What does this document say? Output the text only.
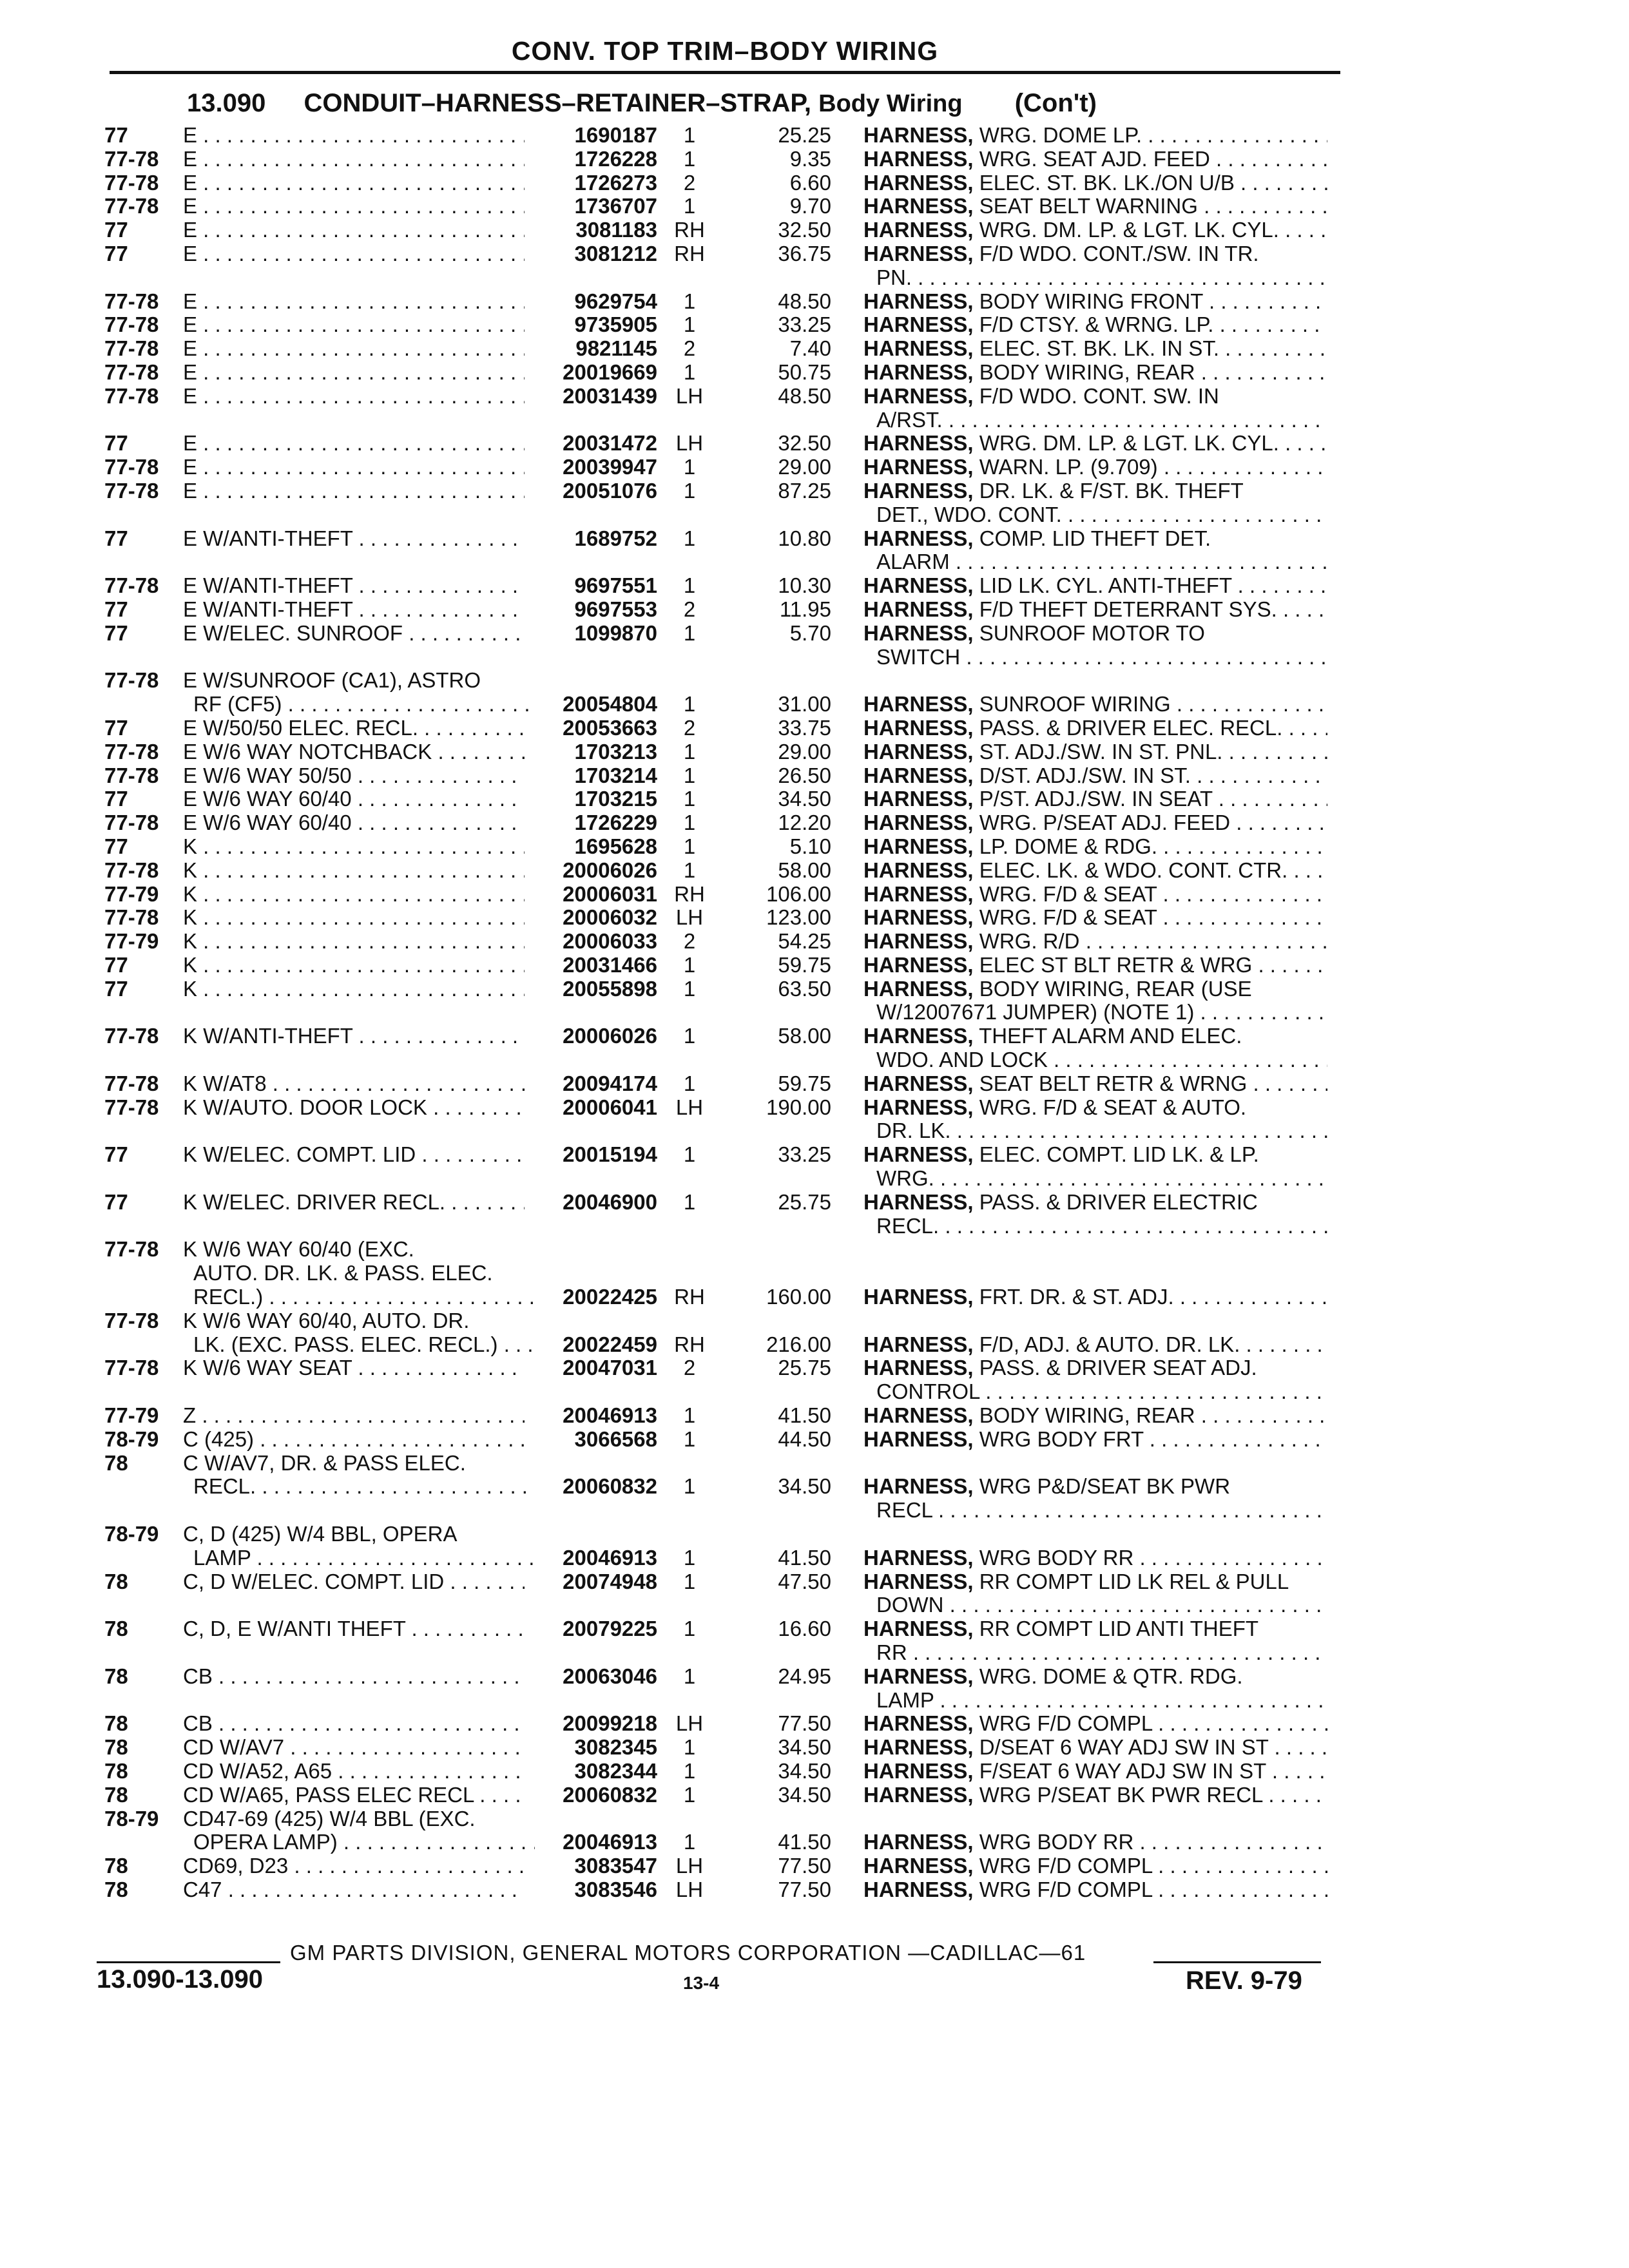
CONV. TOP TRIM–BODY WIRING
13.090 CONDUIT–HARNESS–RETAINER–STRAP, Body Wiring (Con't)
77	E . . .	1690187	1	25.25 HARNESS, WRG. DOME LP. . . .
77-78	E . . .	1726228	1	9.35 HARNESS, WRG. SEAT AJD. FEED . . .
77-78	E . . .	1726273	2	6.60 HARNESS, ELEC. ST. BK. LK./ON U/B . . .
77-78	E . . .	1736707	1	9.70 HARNESS, SEAT BELT WARNING . . .
77	E . . .	3081183 RH	32.50 HARNESS, WRG. DM. LP. & LGT. LK. CYL. . . .
77	E . . .	3081212 RH	36.75 HARNESS, F/D WDO. CONT./SW. IN TR.
PN. . . .
77-78	E . . .	9629754	1	48.50 HARNESS, BODY WIRING FRONT . . .
77-78	E . . .	9735905	1	33.25 HARNESS, F/D CTSY. & WRNG. LP. . . .
77-78	E . . .	9821145	2	7.40 HARNESS, ELEC. ST. BK. LK. IN ST. . . .
77-78	E . . .	20019669	1	50.75 HARNESS, BODY WIRING, REAR . . .
77-78	E . . .	20031439 LH	48.50 HARNESS, F/D WDO. CONT. SW. IN
A/RST. . . .
77	E . . .	20031472 LH	32.50 HARNESS, WRG. DM. LP. & LGT. LK. CYL. . . .
77-78	E . . .	20039947	1	29.00 HARNESS, WARN. LP. (9.709) . . .
77-78	E . . .	20051076	1	87.25 HARNESS, DR. LK. & F/ST. BK. THEFT
DET., WDO. CONT. . . .
77	E W/ANTI-THEFT . . .	1689752	1	10.80 HARNESS, COMP. LID THEFT DET.
ALARM . . .
77-78	E W/ANTI-THEFT . . .	9697551	1	10.30 HARNESS, LID LK. CYL. ANTI-THEFT . . .
77	E W/ANTI-THEFT . . .	9697553	2	11.95 HARNESS, F/D THEFT DETERRANT SYS. . . .
77	E W/ELEC. SUNROOF . . .	1099870	1	5.70 HARNESS, SUNROOF MOTOR TO
SWITCH . . .
77-78	E W/SUNROOF (CA1), ASTRO
RF (CF5) . . .	20054804	1	31.00 HARNESS, SUNROOF WIRING . . .
77	E W/50/50 ELEC. RECL. . . .	20053663	2	33.75 HARNESS, PASS. & DRIVER ELEC. RECL. . . .
77-78	E W/6 WAY NOTCHBACK . . .	1703213	1	29.00 HARNESS, ST. ADJ./SW. IN ST. PNL. . . .
77-78	E W/6 WAY 50/50 . . .	1703214	1	26.50 HARNESS, D/ST. ADJ./SW. IN ST. . . .
77	E W/6 WAY 60/40 . . .	1703215	1	34.50 HARNESS, P/ST. ADJ./SW. IN SEAT . . .
77-78	E W/6 WAY 60/40 . . .	1726229	1	12.20 HARNESS, WRG. P/SEAT ADJ. FEED . . .
77	K . . .	1695628	1	5.10 HARNESS, LP. DOME & RDG. . . .
77-78	K . . .	20006026	1	58.00 HARNESS, ELEC. LK. & WDO. CONT. CTR. . . .
77-79	K . . .	20006031 RH	106.00 HARNESS, WRG. F/D & SEAT . . .
77-78	K . . .	20006032 LH	123.00 HARNESS, WRG. F/D & SEAT . . .
77-79	K . . .	20006033	2	54.25 HARNESS, WRG. R/D . . .
77	K . . .	20031466	1	59.75 HARNESS, ELEC ST BLT RETR & WRG . . .
77	K . . .	20055898	1	63.50 HARNESS, BODY WIRING, REAR (USE
W/12007671 JUMPER) (NOTE 1) . . .
77-78	K W/ANTI-THEFT . . .	20006026	1	58.00 HARNESS, THEFT ALARM AND ELEC.
WDO. AND LOCK . . .
77-78	K W/AT8 . . .	20094174	1	59.75 HARNESS, SEAT BELT RETR & WRNG . . .
77-78	K W/AUTO. DOOR LOCK . . .	20006041 LH	190.00 HARNESS, WRG. F/D & SEAT & AUTO.
DR. LK. . . .
77	K W/ELEC. COMPT. LID . . .	20015194	1	33.25 HARNESS, ELEC. COMPT. LID LK. & LP.
WRG. . . .
77	K W/ELEC. DRIVER RECL. . . .	20046900	1	25.75 HARNESS, PASS. & DRIVER ELECTRIC
RECL. . . .
77-78	K W/6 WAY 60/40 (EXC.
AUTO. DR. LK. & PASS. ELEC.
RECL.) . . .	20022425 RH	160.00 HARNESS, FRT. DR. & ST. ADJ. . . .
77-78	K W/6 WAY 60/40, AUTO. DR.
LK. (EXC. PASS. ELEC. RECL.) . . .	20022459 RH	216.00 HARNESS, F/D, ADJ. & AUTO. DR. LK. . . .
77-78	K W/6 WAY SEAT . . .	20047031	2	25.75 HARNESS, PASS. & DRIVER SEAT ADJ.
CONTROL . . .
77-79	Z . . .	20046913	1	41.50 HARNESS, BODY WIRING, REAR . . .
78-79	C (425) . . .	3066568	1	44.50 HARNESS, WRG BODY FRT . . .
78	C W/AV7, DR. & PASS ELEC.
RECL. . . .	20060832	1	34.50 HARNESS, WRG P&D/SEAT BK PWR
RECL . . .
78-79	C, D (425) W/4 BBL, OPERA
LAMP . . .	20046913	1	41.50 HARNESS, WRG BODY RR . . .
78	C, D W/ELEC. COMPT. LID . . .	20074948	1	47.50 HARNESS, RR COMPT LID LK REL & PULL
DOWN . . .
78	C, D, E W/ANTI THEFT . . .	20079225	1	16.60 HARNESS, RR COMPT LID ANTI THEFT
RR . . .
78	CB . . .	20063046	1	24.95 HARNESS, WRG. DOME & QTR. RDG.
LAMP . . .
78	CB . . .	20099218 LH	77.50 HARNESS, WRG F/D COMPL . . .
78	CD W/AV7 . . .	3082345	1	34.50 HARNESS, D/SEAT 6 WAY ADJ SW IN ST . . .
78	CD W/A52, A65 . . .	3082344	1	34.50 HARNESS, F/SEAT 6 WAY ADJ SW IN ST . . .
78	CD W/A65, PASS ELEC RECL . . .	20060832	1	34.50 HARNESS, WRG P/SEAT BK PWR RECL . . .
78-79	CD47-69 (425) W/4 BBL (EXC.
OPERA LAMP) . . .	20046913	1	41.50 HARNESS, WRG BODY RR . . .
78	CD69, D23 . . .	3083547 LH	77.50 HARNESS, WRG F/D COMPL . . .
78	C47 . . .	3083546 LH	77.50 HARNESS, WRG F/D COMPL . . .
GM PARTS DIVISION, GENERAL MOTORS CORPORATION —CADILLAC—61
13.090-13.090	13-4	REV. 9-79
